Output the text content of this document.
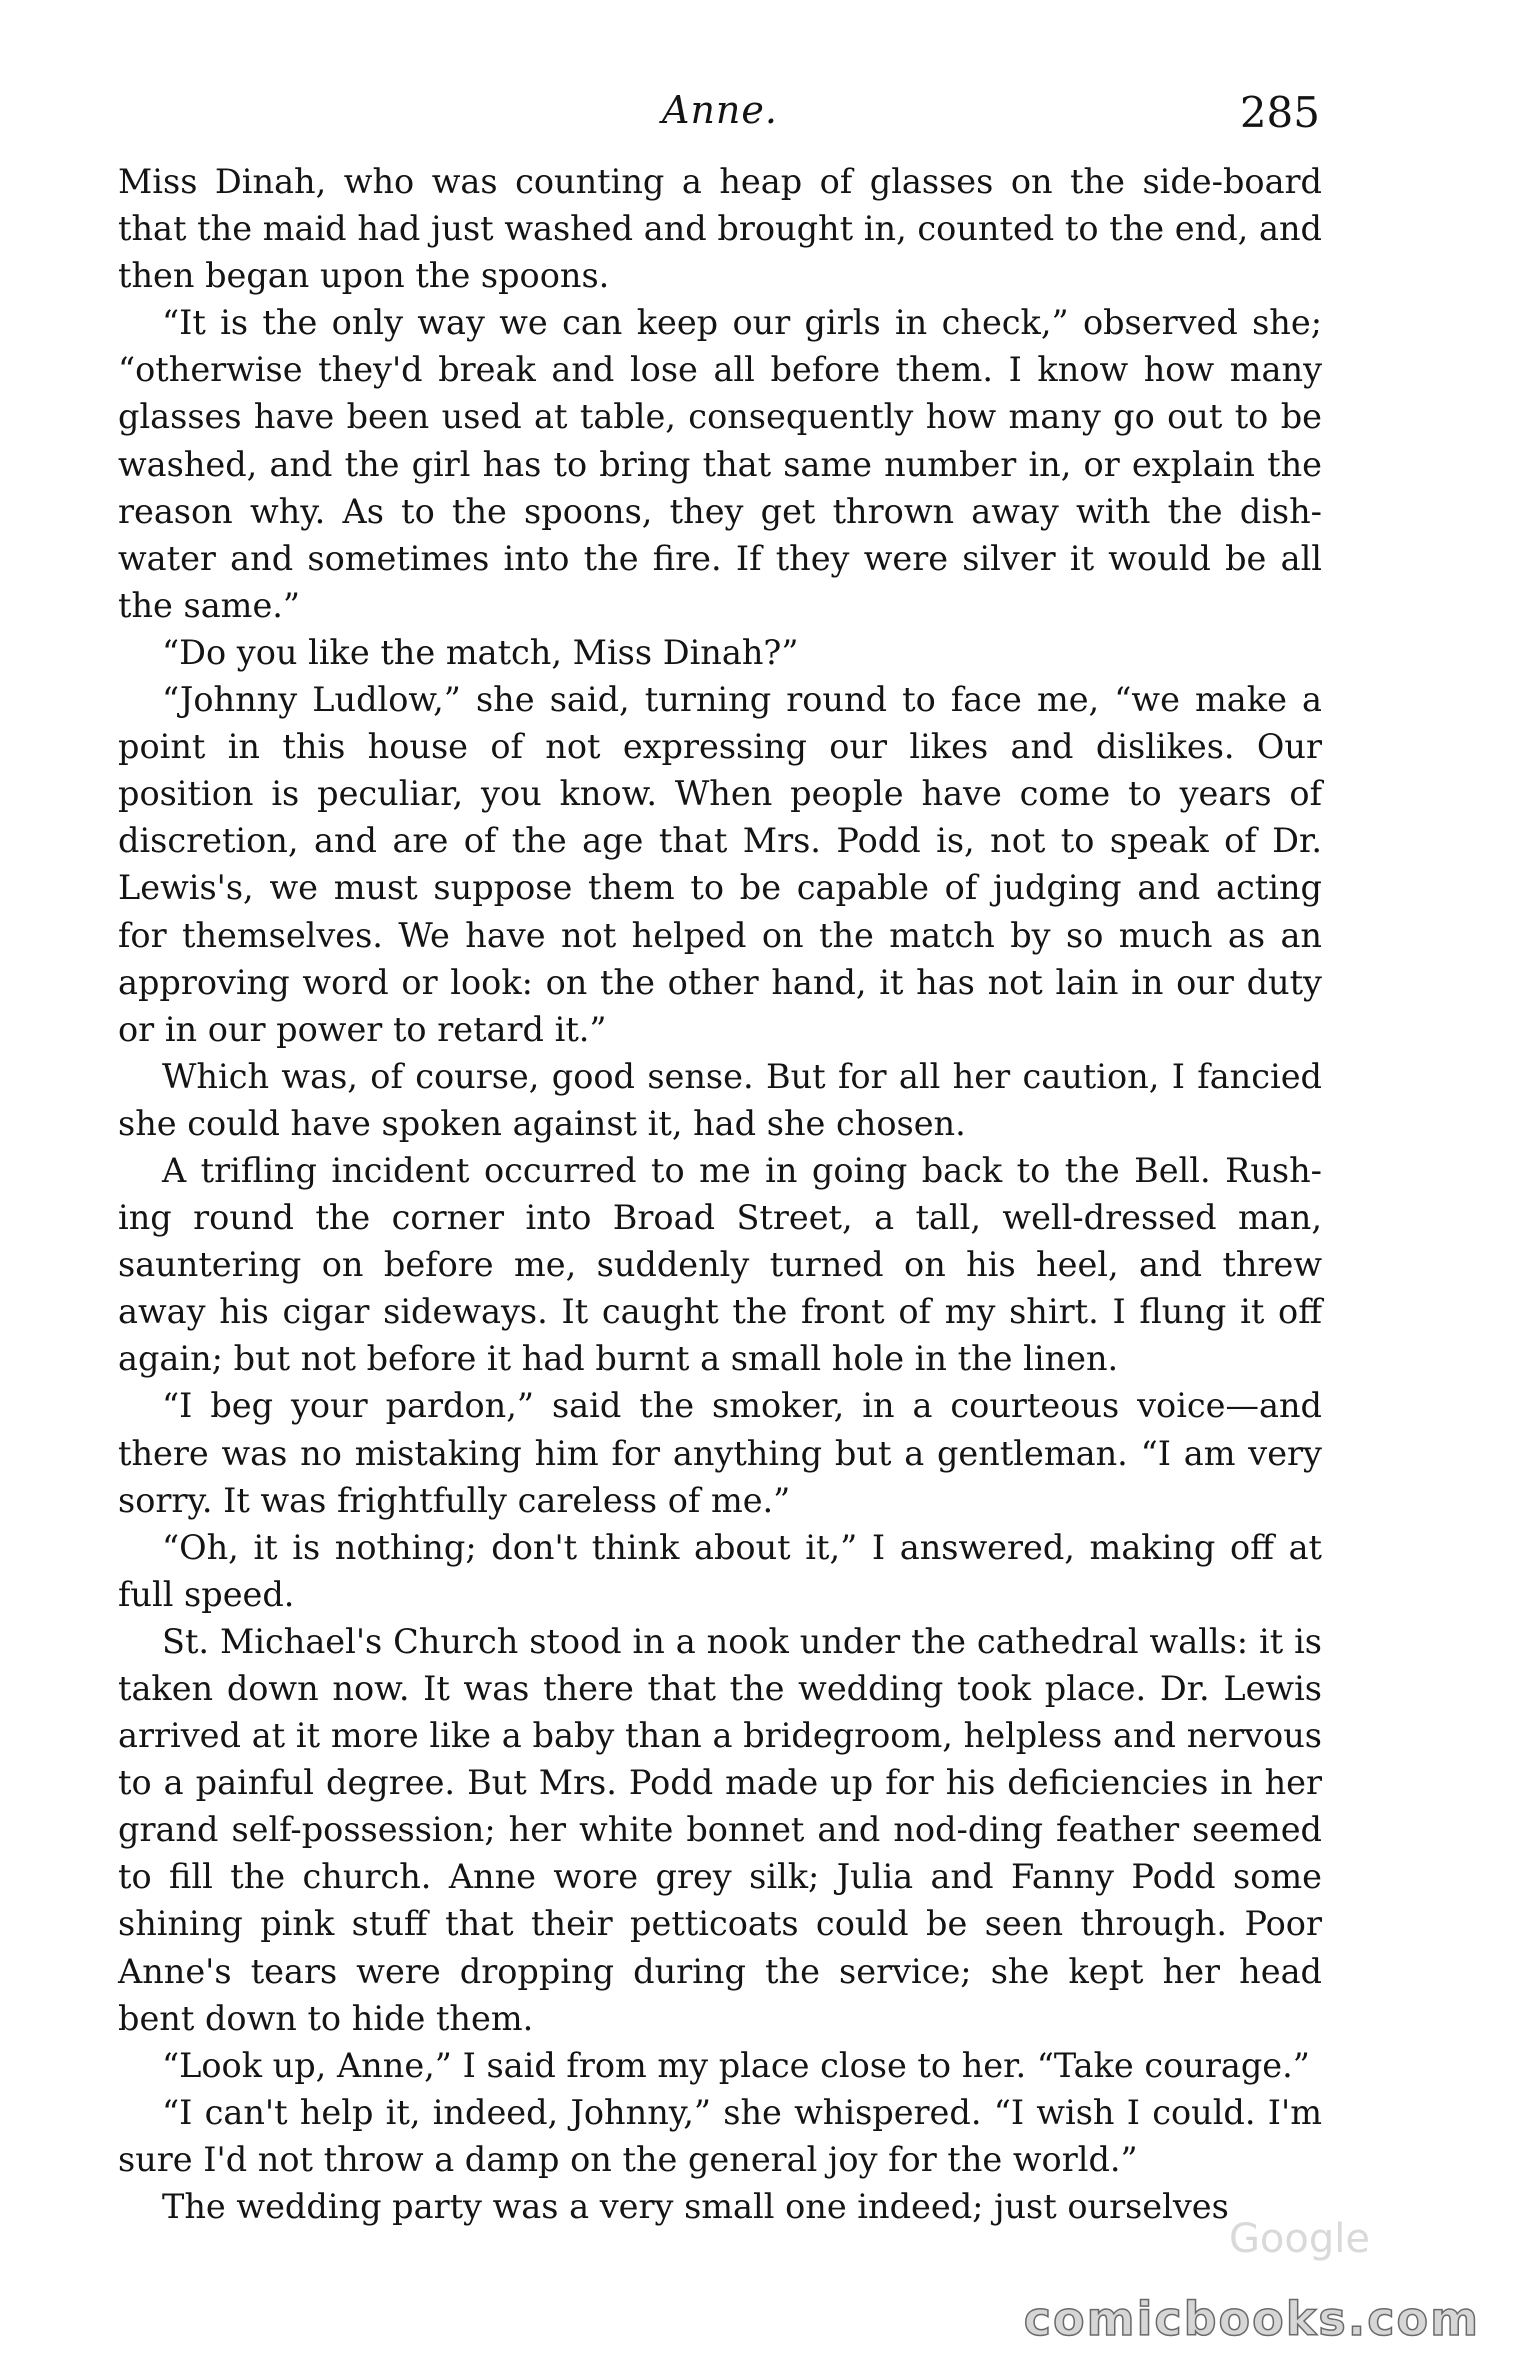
Anne.	285

Miss Dinah, who was counting a heap of glasses on the side-board that the maid had just washed and brought in, counted to the end, and then began upon the spoons.

“It is the only way we can keep our girls in check,” observed she; “otherwise they'd break and lose all before them. I know how many glasses have been used at table, consequently how many go out to be washed, and the girl has to bring that same number in, or explain the reason why. As to the spoons, they get thrown away with the dish-water and sometimes into the fire. If they were silver it would be all the same.”

“Do you like the match, Miss Dinah?”

“Johnny Ludlow,” she said, turning round to face me, “we make a point in this house of not expressing our likes and dislikes. Our position is peculiar, you know. When people have come to years of discretion, and are of the age that Mrs. Podd is, not to speak of Dr. Lewis's, we must suppose them to be capable of judging and acting for themselves. We have not helped on the match by so much as an approving word or look: on the other hand, it has not lain in our duty or in our power to retard it.”

Which was, of course, good sense. But for all her caution, I fancied she could have spoken against it, had she chosen.

A trifling incident occurred to me in going back to the Bell. Rush-ing round the corner into Broad Street, a tall, well-dressed man, sauntering on before me, suddenly turned on his heel, and threw away his cigar sideways. It caught the front of my shirt. I flung it off again; but not before it had burnt a small hole in the linen.

“I beg your pardon,” said the smoker, in a courteous voice—and there was no mistaking him for anything but a gentleman. “I am very sorry. It was frightfully careless of me.”

“Oh, it is nothing; don't think about it,” I answered, making off at full speed.

St. Michael's Church stood in a nook under the cathedral walls: it is taken down now. It was there that the wedding took place. Dr. Lewis arrived at it more like a baby than a bridegroom, helpless and nervous to a painful degree. But Mrs. Podd made up for his deficiencies in her grand self-possession; her white bonnet and nod-ding feather seemed to fill the church. Anne wore grey silk; Julia and Fanny Podd some shining pink stuff that their petticoats could be seen through. Poor Anne's tears were dropping during the service; she kept her head bent down to hide them.

“Look up, Anne,” I said from my place close to her. “Take courage.”

“I can't help it, indeed, Johnny,” she whispered. “I wish I could. I'm sure I'd not throw a damp on the general joy for the world.”

The wedding party was a very small one indeed; just ourselves

Google
comicbooks.com
